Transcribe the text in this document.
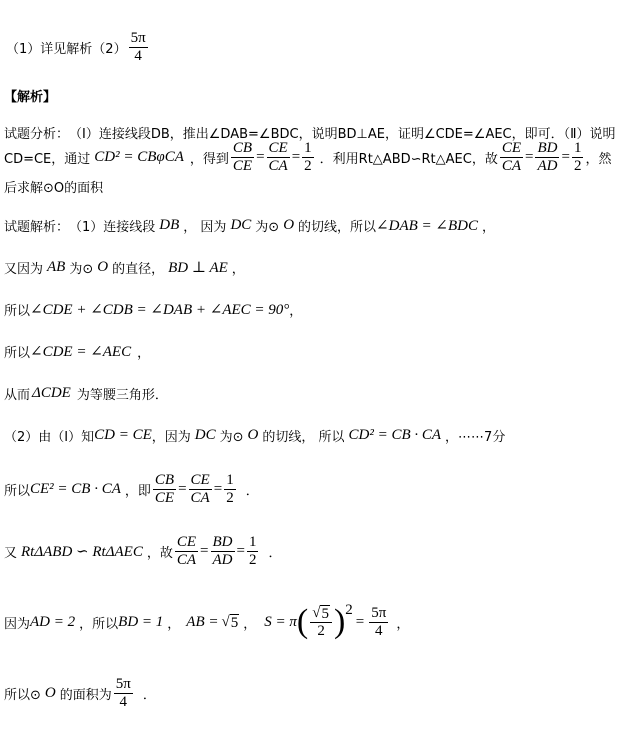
（1） 详见解析 $(2) \frac{5\pi}{4}$
【解析】
试题分析： （Ⅰ）连接线段DB，推出∠DAB=∠BDC，说明BD⊥AE，证明∠CDE=∠AEC，即可．（Ⅱ）说明
CD=CE，通过 CD² = CBφCA ，得到 $\frac{CB}{CE} = \frac{CE}{CA} = \frac{1}{2}$ ．利用Rt△ABD∽Rt△AEC，故 $\frac{CE}{CA} = \frac{BD}{AD} = \frac{1}{2}$ ，然
后求解⊙O的面积
试题解析： （1）连接线段 DB ， 因为 DC 为⊙ O 的切线，所以 ∠DAB = ∠BDC ，
又因为 AB 为⊙ O 的直径， BD ⊥ AE ，
所以 ∠CDE + ∠CDB = ∠DAB + ∠AEC = 90° ，
所以 ∠CDE = ∠AEC ，
从而 ΔCDE 为等腰三角形．
（2）由（Ⅰ）知 CD = CE ，因为 DC 为⊙ O 的切线， 所以 CD² = CB · CA ，⋯⋯7分
所以 CE² = CB · CA ，即 $\frac{CB}{CE} = \frac{CE}{CA} = \frac{1}{2}$ ．
又 RtΔABD ∽ RtΔAEC ，故 $\frac{CE}{CA} = \frac{BD}{AD} = \frac{1}{2}$ ．
因为 AD = 2 ，所以 BD = 1 ， AB = √ 5 ， S = π ( $\frac{√ 5}{2}$ ) 2
= $\frac{5\pi}{4}$ ，
所以⊙ O 的面积为 $\frac{5\pi}{4}$ ．
